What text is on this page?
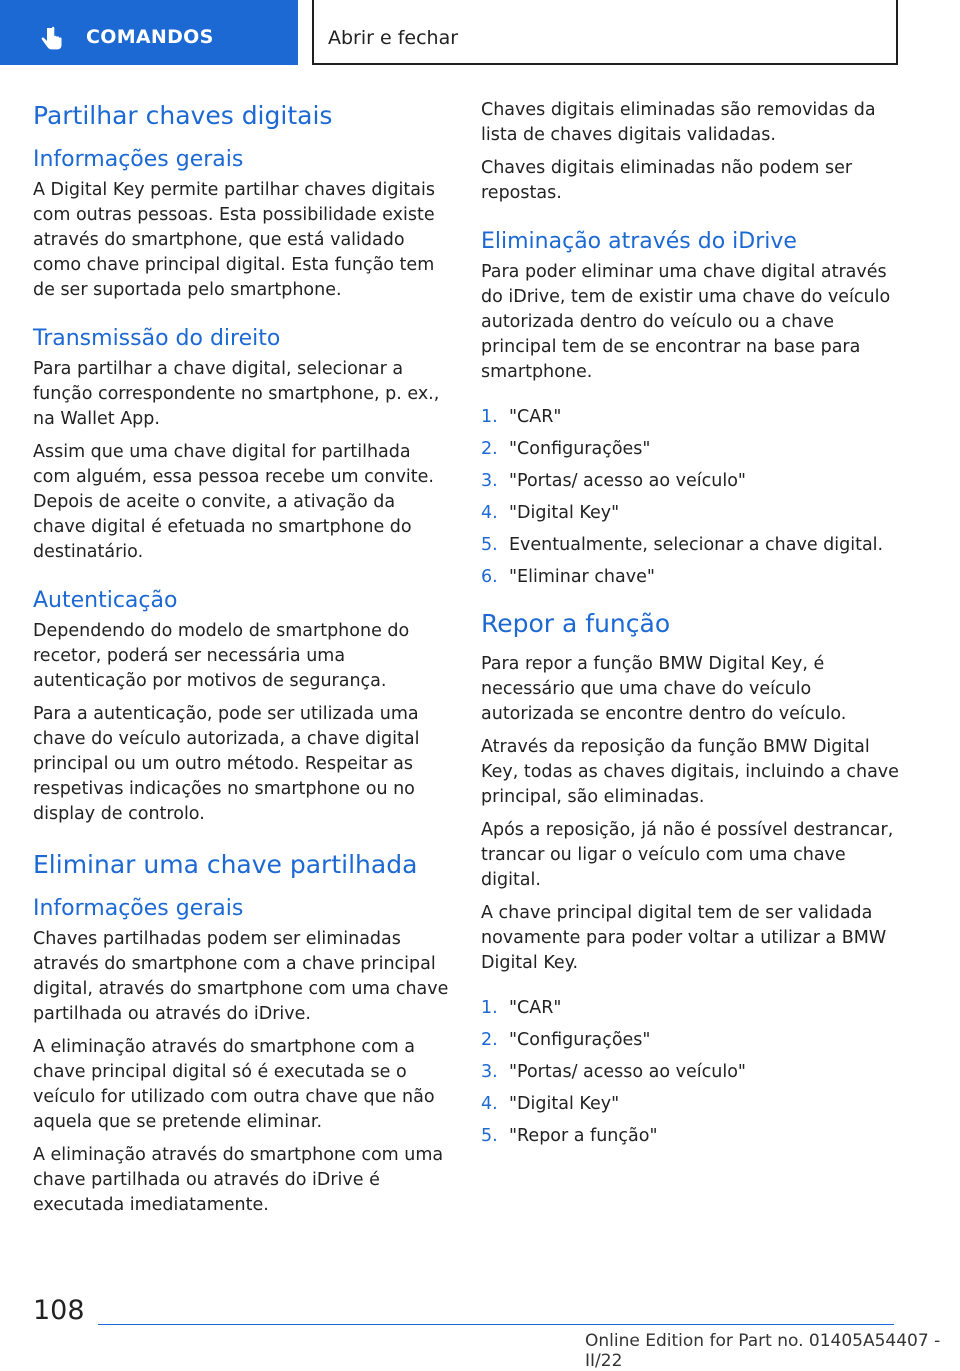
COMANDOS	Abrir e fechar
Partilhar chaves digitais
Informações gerais

A Digital Key permite partilhar chaves digitais com outras pessoas. Esta possibilidade existe através do smartphone, que está validado como chave principal digital. Esta função tem de ser suportada pelo smartphone.

Transmissão do direito

Para partilhar a chave digital, selecionar a função correspondente no smartphone, p. ex., na Wallet App.

Assim que uma chave digital for partilhada com alguém, essa pessoa recebe um convite. Depois de aceite o convite, a ativação da chave digital é efetuada no smartphone do destinatário.

Autenticação

Dependendo do modelo de smartphone do recetor, poderá ser necessária uma autenticação por motivos de segurança.

Para a autenticação, pode ser utilizada uma chave do veículo autorizada, a chave digital principal ou um outro método. Respeitar as respetivas indicações no smartphone ou no display de controlo.

Eliminar uma chave partilhada
Informações gerais

Chaves partilhadas podem ser eliminadas através do smartphone com a chave principal digital, através do smartphone com uma chave partilhada ou através do iDrive.

A eliminação através do smartphone com a chave principal digital só é executada se o veículo for utilizado com outra chave que não aquela que se pretende eliminar.

A eliminação através do smartphone com uma chave partilhada ou através do iDrive é executada imediatamente.

Chaves digitais eliminadas são removidas da lista de chaves digitais validadas.

Chaves digitais eliminadas não podem ser repostas.

Eliminação através do iDrive

Para poder eliminar uma chave digital através do iDrive, tem de existir uma chave do veículo autorizada dentro do veículo ou a chave principal tem de se encontrar na base para smartphone.

1. "CAR"
2. "Configurações"
3. "Portas/ acesso ao veículo"
4. "Digital Key"
5. Eventualmente, selecionar a chave digital.
6. "Eliminar chave"
Repor a função

Para repor a função BMW Digital Key, é necessário que uma chave do veículo autorizada se encontre dentro do veículo.

Através da reposição da função BMW Digital Key, todas as chaves digitais, incluindo a chave principal, são eliminadas.

Após a reposição, já não é possível destrancar, trancar ou ligar o veículo com uma chave digital.

A chave principal digital tem de ser validada novamente para poder voltar a utilizar a BMW Digital Key.

1. "CAR"
2. "Configurações"
3. "Portas/ acesso ao veículo"
4. "Digital Key"
5. "Repor a função"
108
Online Edition for Part no. 01405A54407 - II/22
